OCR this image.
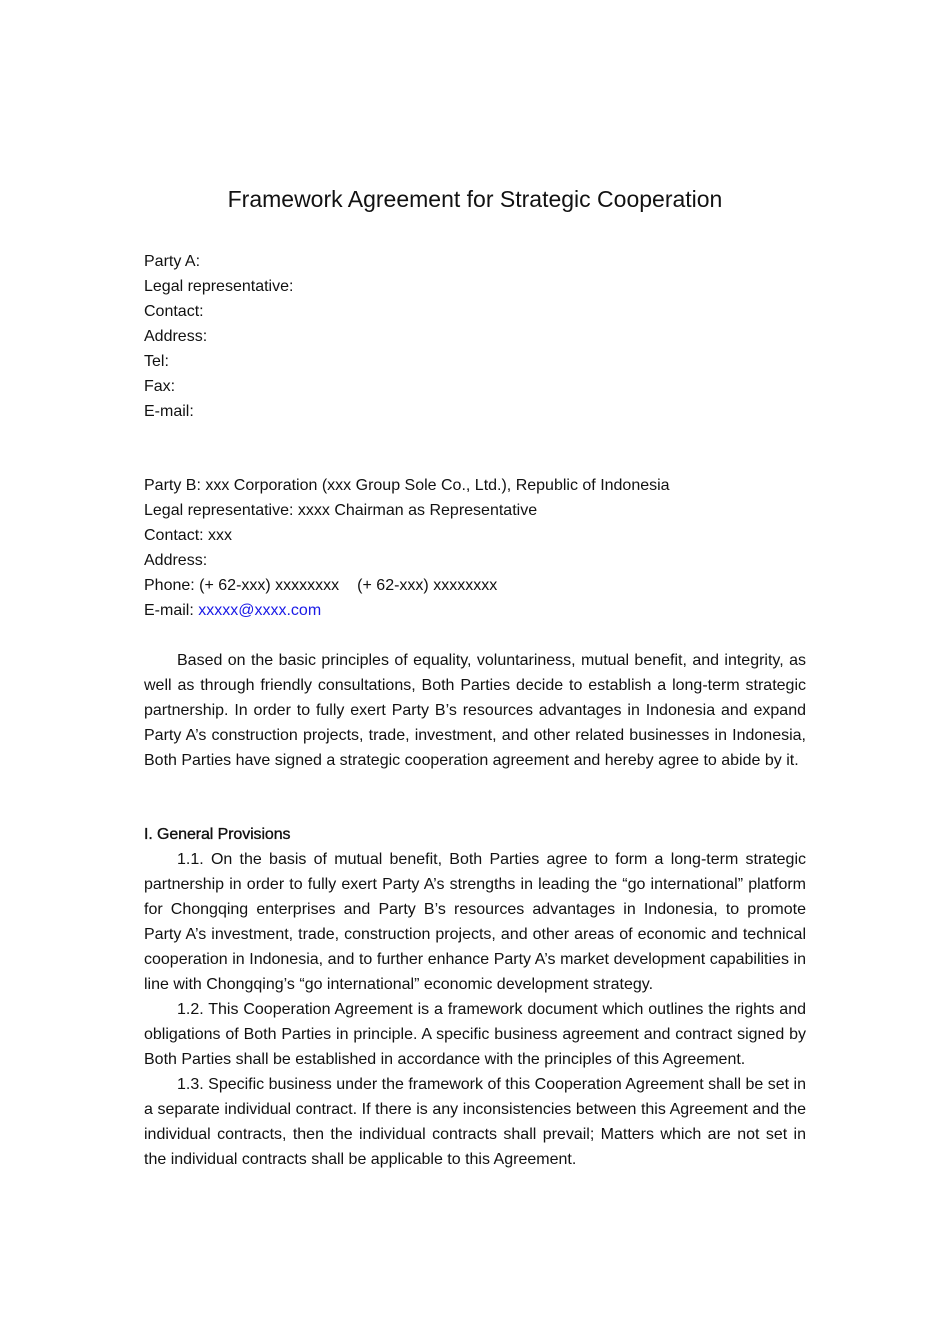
Framework Agreement for Strategic Cooperation
Party A:
Legal representative:
Contact:
Address:
Tel:
Fax:
E-mail:
Party B: xxx Corporation (xxx Group Sole Co., Ltd.), Republic of Indonesia
Legal representative: xxxx Chairman as Representative
Contact: xxx
Address:
Phone: (+ 62-xxx) xxxxxxxx (+ 62-xxx) xxxxxxxx
E-mail: xxxxx@xxxx.com

Based on the basic principles of equality, voluntariness, mutual benefit, and integrity, as well as through friendly consultations, Both Parties decide to establish a long-term strategic partnership. In order to fully exert Party B’s resources advantages in Indonesia and expand Party A’s construction projects, trade, investment, and other related businesses in Indonesia, Both Parties have signed a strategic cooperation agreement and hereby agree to abide by it.

I. General Provisions

1.1. On the basis of mutual benefit, Both Parties agree to form a long-term strategic partnership in order to fully exert Party A’s strengths in leading the “go international” platform for Chongqing enterprises and Party B’s resources advantages in Indonesia, to promote Party A’s investment, trade, construction projects, and other areas of economic and technical cooperation in Indonesia, and to further enhance Party A’s market development capabilities in line with Chongqing’s “go international” economic development strategy.

1.2. This Cooperation Agreement is a framework document which outlines the rights and obligations of Both Parties in principle. A specific business agreement and contract signed by Both Parties shall be established in accordance with the principles of this Agreement.

1.3. Specific business under the framework of this Cooperation Agreement shall be set in a separate individual contract. If there is any inconsistencies between this Agreement and the individual contracts, then the individual contracts shall prevail; Matters which are not set in the individual contracts shall be applicable to this Agreement.
